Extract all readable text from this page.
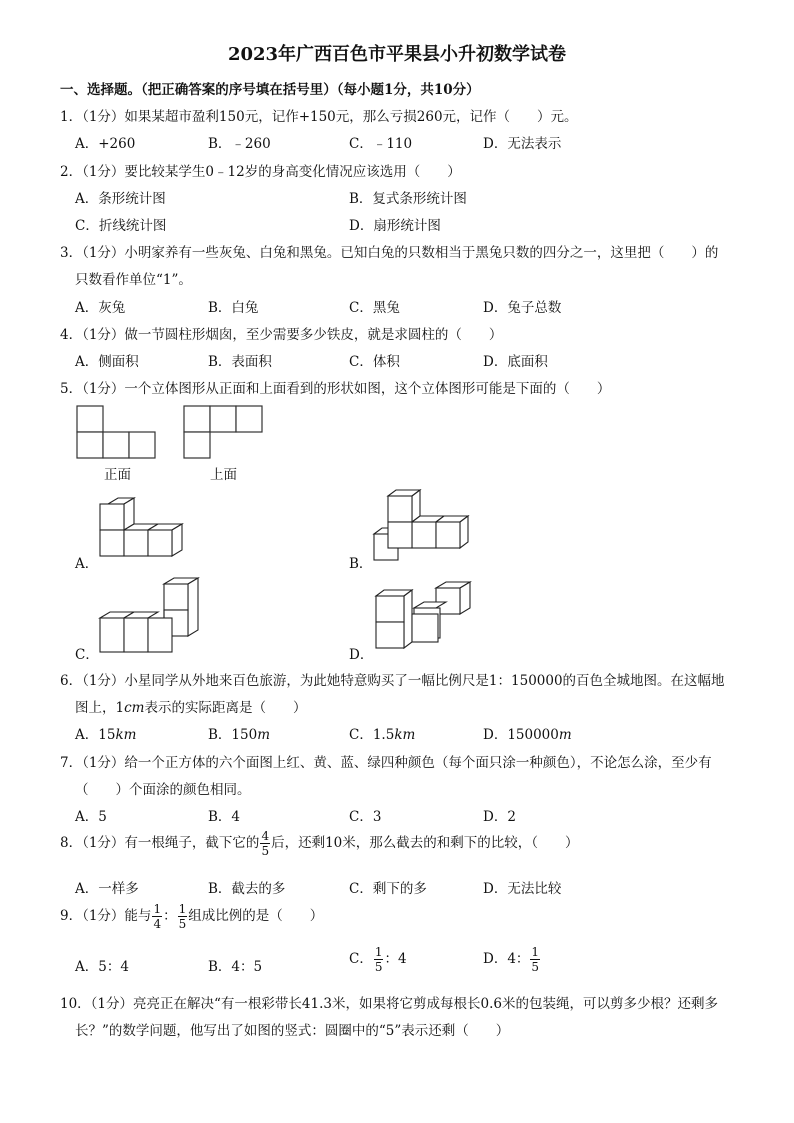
2023年广西百色市平果县小升初数学试卷
一、选择题。（把正确答案的序号填在括号里）（每小题1分，共10分）
1．（1分）如果某超市盈利150元，记作+150元，那么亏损260元，记作（　　）元。
A．+260	B．﹣260	C．﹣110	D．无法表示
2．（1分）要比较某学生0﹣12岁的身高变化情况应该选用（　　）
A．条形统计图	B．复式条形统计图
C．折线统计图	D．扇形统计图
3．（1分）小明家养有一些灰兔、白兔和黑兔。已知白兔的只数相当于黑兔只数的四分之一，这里把（　　）的
只数看作单位“1”。
A．灰兔	B．白兔	C．黑兔	D．兔子总数
4．（1分）做一节圆柱形烟囱，至少需要多少铁皮，就是求圆柱的（　　）
A．侧面积	B．表面积	C．体积	D．底面积
5．（1分）一个立体图形从正面和上面看到的形状如图，这个立体图形可能是下面的（　　）
正面	上面
A．	B．
C．	D．
6．（1分）小星同学从外地来百色旅游，为此她特意购买了一幅比例尺是1：150000的百色全城地图。在这幅地
图上，1cm表示的实际距离是（　　）
A．15km	B．150m	C．1.5km	D．150000m
7．（1分）给一个正方体的六个面图上红、黄、蓝、绿四种颜色（每个面只涂一种颜色），不论怎么涂，至少有
（　　）个面涂的颜色相同。
A．5	B．4	C．3	D．2
8．（1分）有一根绳子，截下它的 $\frac{4}{5}$ 后，还剩10米，那么截去的和剩下的比较，（　　）
A．一样多	B．截去的多	C．剩下的多	D．无法比较
9．（1分）能与 $\frac{1}{4}$ ： $\frac{1}{5}$ 组成比例的是（　　）
A．5：4	B．4：5	C． $\frac{1}{5}$ ：4	D．4： $\frac{1}{5}$
10．（1分）亮亮正在解决“有一根彩带长41.3米，如果将它剪成每根长0.6米的包装绳，可以剪多少根？还剩多
长？”的数学问题，他写出了如图的竖式：圆圈中的“5”表示还剩（　　）
